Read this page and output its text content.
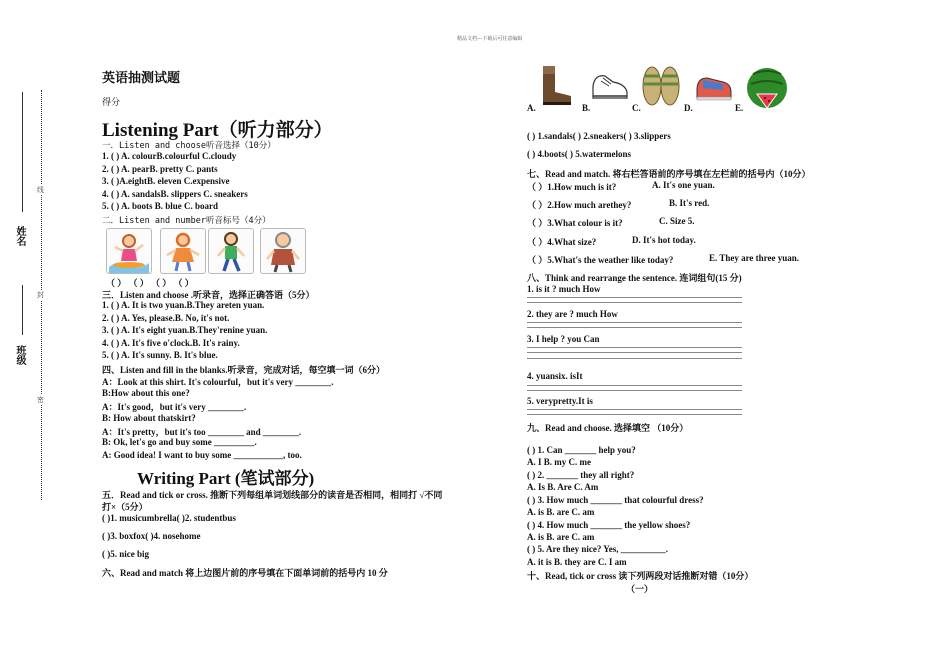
精品文档---下载后可任意编辑
姓名
班级
线
封
密
英语抽测试题
得分
Listening Part（听力部分）
一．Listen and choose听音选择（10分）
1. ( ) A. colourB.colourful C.cloudy
2. ( ) A. pearB. pretty C. pants
3. ( )A.eightB. eleven C.expensive
4. ( ) A. sandalsB. slippers C. sneakers
5. ( ) A. boots B. blue C. board
二．Listen and number听音标号（4分）
（ ） （ ） （ ） （ ）
三．Listen and choose .听录音，选择正确答语（5分）
1. ( ) A. It is two yuan.B.They areten yuan.
2. ( ) A. Yes, please.B. No, it's not.
3. ( ) A. It's eight yuan.B.They'renine yuan.
4. ( ) A. It's five o'clock.B. It's rainy.
5. ( ) A. It's sunny. B. It's blue.
四、Listen and fill in the blanks.听录音，完成对话，每空填一词（6分）
A：Look at this shirt. It's colourful，but it's very ________.
B:How about this one?
A：It's good，but it's very ________.
B: How about thatskirt?
A：It's pretty，but it's too ________ and ________.
B: Ok, let's go and buy some _________.
A: Good idea! I want to buy some ___________, too.
Writing Part (笔试部分)
五．Read and tick or cross. 推断下列每组单词划线部分的读音是否相同，相同打 √不同
打×（5分）
( )1. musicumbrella( )2. studentbus
( )3. boxfox( )4. nosehome
( )5. nice big
六、Read and match 将上边图片前的序号填在下面单词前的括号内 10 分
A.	B.	C.	D.	E.
( ) 1.sandals( ) 2.sneakers( ) 3.slippers
( ) 4.boots( ) 5.watermelons
七、Read and match. 将右栏答语前的序号填在左栏前的括号内（10分）
（ ）1.How much is it?	A. It's one yuan.
（ ）2.How much arethey?	B. It's red.
（ ）3.What colour is it?	C. Size 5.
（ ）4.What size?	D. It's hot today.
（ ）5.What's the weather like today?	E. They are three yuan.
八、Think and rearrange the sentence. 连词组句(15 分)
1. is it ? much How
2. they are ? much How
3. I help ? you Can
4. yuansix. isIt
5. verypretty.It is
九、Read and choose. 选择填空 （10分）
( ) 1. Can _______ help you?
A. I B. my C. me
( ) 2. _______ they all right?
A. Is B. Are C. Am
( ) 3. How much _______ that colourful dress?
A. is B. are C. am
( ) 4. How much _______ the yellow shoes?
A. is B. are C. am
( ) 5. Are they nice? Yes, __________.
A. it is B. they are C. I am
十、Read, tick or cross 读下列两段对话推断对错（10分）
（一）
